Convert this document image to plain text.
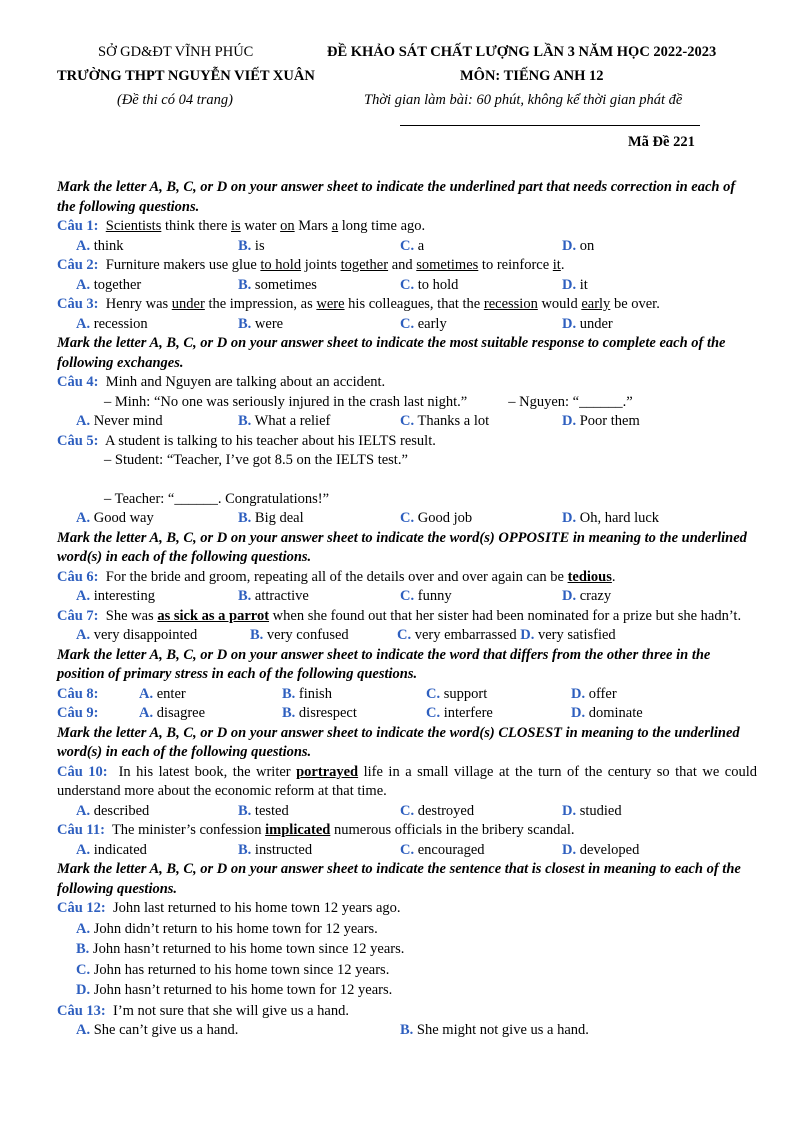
SỞ GD&ĐT VĨNH PHÚC	ĐỀ KHẢO SÁT CHẤT LƯỢNG LẦN 3 NĂM HỌC 2022-2023
TRƯỜNG THPT NGUYỄN VIẾT XUÂN	MÔN: TIẾNG ANH 12
(Đề thi có 04 trang)	Thời gian làm bài: 60 phút, không kể thời gian phát đề
Mã Đề 221
Mark the letter A, B, C, or D on your answer sheet to indicate the underlined part that needs correction in each of the following questions.
Câu 1: Scientists think there is water on Mars a long time ago.
A. think	B. is	C. a	D. on
Câu 2: Furniture makers use glue to hold joints together and sometimes to reinforce it.
A. together	B. sometimes	C. to hold	D. it
Câu 3: Henry was under the impression, as were his colleagues, that the recession would early be over.
A. recession	B. were	C. early	D. under
Mark the letter A, B, C, or D on your answer sheet to indicate the most suitable response to complete each of the following exchanges.
Câu 4: Minh and Nguyen are talking about an accident.
– Minh: “No one was seriously injured in the crash last night.”	– Nguyen: “______.”
A. Never mind	B. What a relief	C. Thanks a lot	D. Poor them
Câu 5: A student is talking to his teacher about his IELTS result.
– Student: “Teacher, I’ve got 8.5 on the IELTS test.”
– Teacher: “______. Congratulations!”
A. Good way	B. Big deal	C. Good job	D. Oh, hard luck
Mark the letter A, B, C, or D on your answer sheet to indicate the word(s) OPPOSITE in meaning to the underlined word(s) in each of the following questions.
Câu 6: For the bride and groom, repeating all of the details over and over again can be tedious.
A. interesting	B. attractive	C. funny	D. crazy
Câu 7: She was as sick as a parrot when she found out that her sister had been nominated for a prize but she hadn’t.
A. very disappointed	B. very confused	C. very embarrassed D. very satisfied
Mark the letter A, B, C, or D on your answer sheet to indicate the word that differs from the other three in the position of primary stress in each of the following questions.
Câu 8:	A. enter	B. finish	C. support	D. offer
Câu 9:	A. disagree	B. disrespect	C. interfere	D. dominate
Mark the letter A, B, C, or D on your answer sheet to indicate the word(s) CLOSEST in meaning to the underlined word(s) in each of the following questions.
Câu 10: In his latest book, the writer portrayed life in a small village at the turn of the century so that we could understand more about the economic reform at that time.
A. described	B. tested	C. destroyed	D. studied
Câu 11: The minister’s confession implicated numerous officials in the bribery scandal.
A. indicated	B. instructed	C. encouraged	D. developed
Mark the letter A, B, C, or D on your answer sheet to indicate the sentence that is closest in meaning to each of the following questions.
Câu 12: John last returned to his home town 12 years ago.
A. John didn’t return to his home town for 12 years.
B. John hasn’t returned to his home town since 12 years.
C. John has returned to his home town since 12 years.
D. John hasn’t returned to his home town for 12 years.
Câu 13: I’m not sure that she will give us a hand.
A. She can’t give us a hand.	B. She might not give us a hand.
